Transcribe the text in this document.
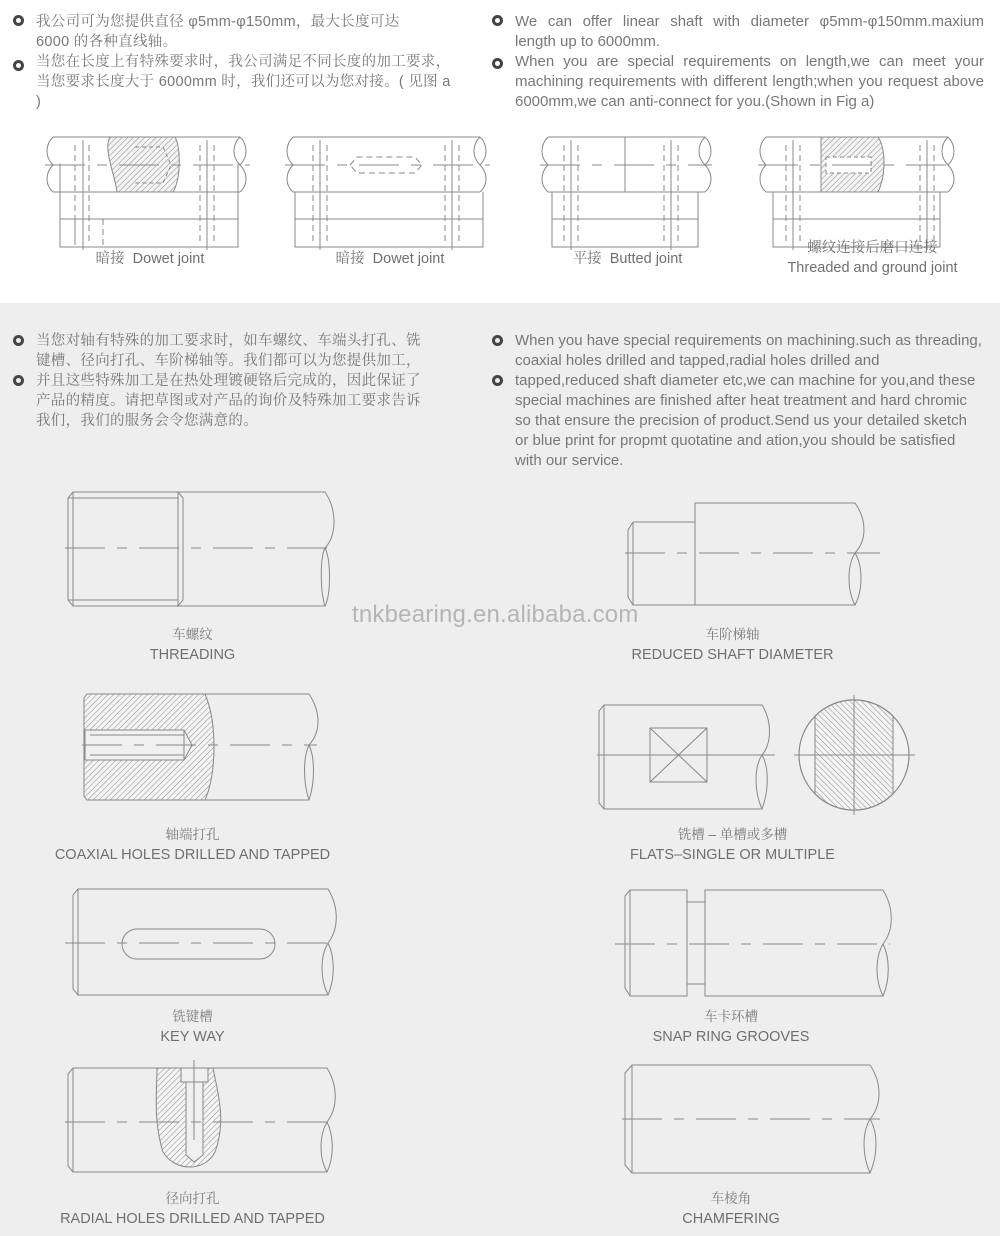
我公司可为您提供直径 φ5mm-φ150mm，最大长度可达
6000 的各种直线轴。
当您在长度上有特殊要求时，我公司满足不同长度的加工要求，
当您要求长度大于 6000mm 时，我们还可以为您对接。( 见图 a )
We can offer linear shaft with diameter φ5mm-φ150mm.maxium length up to 6000mm.
When you are special requirements on length,we can meet your machining requirements with different length;when you request above 6000mm,we can anti-connect for you.(Shown in Fig a)
暗接 Dowet joint	暗接 Dowet joint	平接 Butted joint
螺纹连接后磨口连接
Threaded and ground joint
当您对轴有特殊的加工要求时，如车螺纹、车端头打孔、铣
键槽、径向打孔、车阶梯轴等。我们都可以为您提供加工，
并且这些特殊加工是在热处理镀硬铬后完成的，因此保证了
产品的精度。请把草图或对产品的询价及特殊加工要求告诉
我们，我们的服务会令您满意的。
When you have special requirements on machining.such as threading,
coaxial holes drilled and tapped,radial holes drilled and
tapped,reduced shaft diameter etc,we can machine for you,and these
special machines are finished after heat treatment and hard chromic
so that ensure the precision of product.Send us your detailed sketch
or blue print for propmt quotatine and ation,you should be satisfied
with our service.
tnkbearing.en.alibaba.com
车螺纹
THREADING
车阶梯轴
REDUCED SHAFT DIAMETER
轴端打孔
COAXIAL HOLES DRILLED AND TAPPED
铣槽 – 单槽或多槽
FLATS–SINGLE OR MULTIPLE
铣键槽
KEY WAY
车卡环槽
SNAP RING GROOVES
径向打孔
RADIAL HOLES DRILLED AND TAPPED
车棱角
CHAMFERING
